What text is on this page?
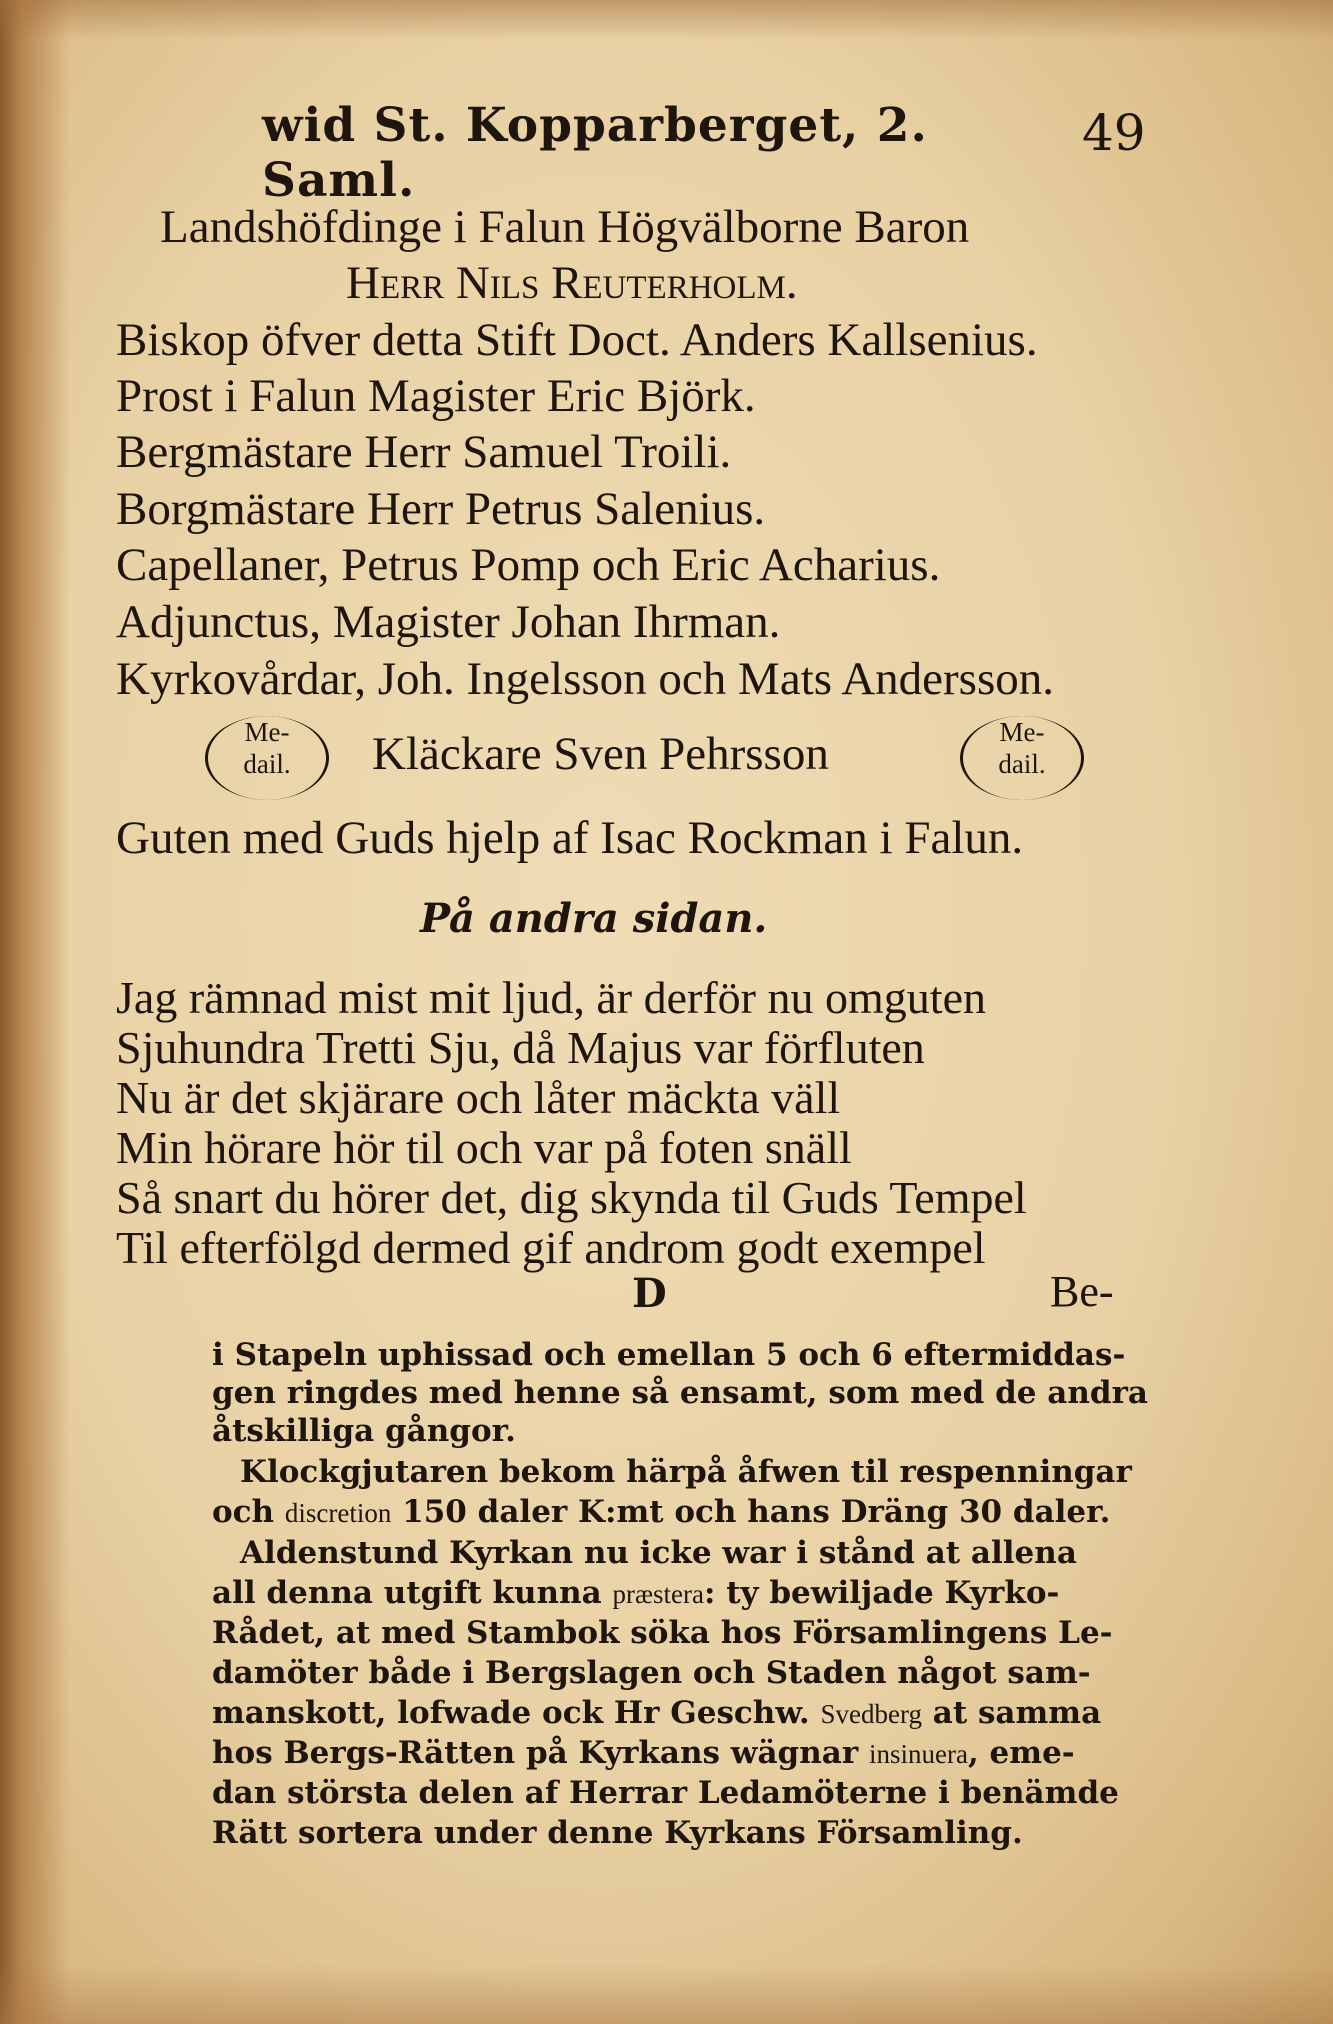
wid St. Kopparberget, 2. Saml.
49
Landshöfdinge i Falun Högvälborne Baron
Herr Nils Reuterholm.
Biskop öfver detta Stift Doct. Anders Kallsenius.
Prost i Falun Magister Eric Björk.
Bergmästare Herr Samuel Troili.
Borgmästare Herr Petrus Salenius.
Capellaner, Petrus Pomp och Eric Acharius.
Adjunctus, Magister Johan Ihrman.
Kyrkovårdar, Joh. Ingelsson och Mats Andersson.
Me-
dail.	Kläckare Sven Pehrsson	Me-
dail.
Guten med Guds hjelp af Isac Rockman i Falun.
På andra sidan.
Jag rämnad mist mit ljud, är derför nu omguten
Sjuhundra Tretti Sju, då Majus var förfluten
Nu är det skjärare och låter mäckta väll
Min hörare hör til och var på foten snäll
Så snart du hörer det, dig skynda til Guds Tempel
Til efterfölgd dermed gif androm godt exempel
D	Be-
i Stapeln uphissad och emellan 5 och 6 eftermiddas-
gen ringdes med henne så ensamt, som med de andra
åtskilliga gångor.
Klockgjutaren bekom härpå åfwen til respenningar
och discretion 150 daler K:mt och hans Dräng 30 daler.
Aldenstund Kyrkan nu icke war i stånd at allena
all denna utgift kunna præstera: ty bewiljade Kyrko-
Rådet, at med Stambok söka hos Församlingens Le-
damöter både i Bergslagen och Staden något sam-
manskott, lofwade ock Hr Geschw. Svedberg at samma
hos Bergs-Rätten på Kyrkans wägnar insinuera, eme-
dan största delen af Herrar Ledamöterne i benämde
Rätt sortera under denne Kyrkans Församling.
